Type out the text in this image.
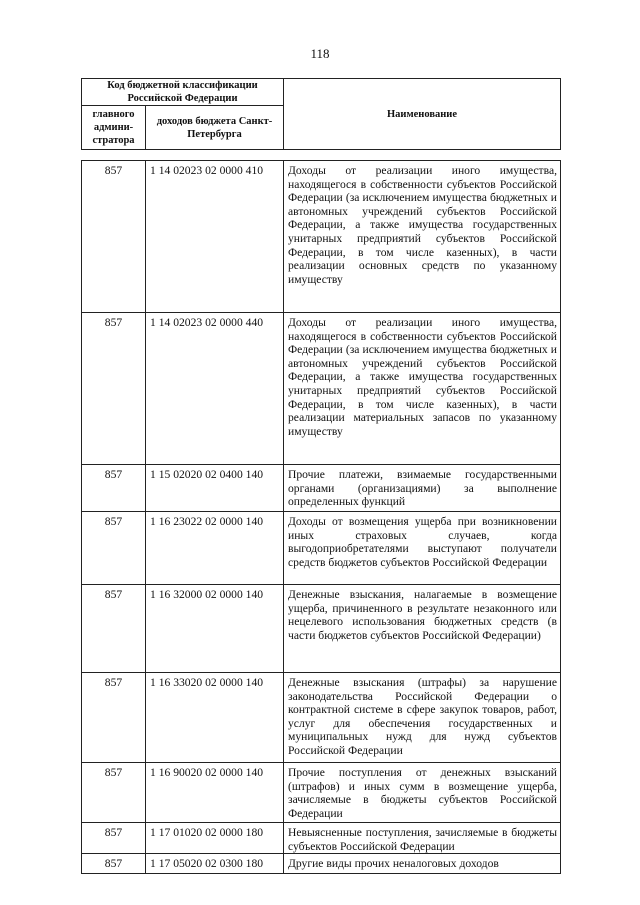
118
Код бюджетной классификации Российской Федерации		Наименование
главного админи-стратора	доходов бюджета Санкт-Петербурга	
857	1 14 02023 02 0000 410	Доходы от реализации иного имущества, находящегося в собственности субъектов Российской Федерации (за исключением имущества бюджетных и автономных учреждений субъектов Российской Федерации, а также имущества государственных унитарных предприятий субъектов Российской Федерации, в том числе казенных), в части реализации основных средств по указанному имуществу
857	1 14 02023 02 0000 440	Доходы от реализации иного имущества, находящегося в собственности субъектов Российской Федерации (за исключением имущества бюджетных и автономных учреждений субъектов Российской Федерации, а также имущества государственных унитарных предприятий субъектов Российской Федерации, в том числе казенных), в части реализации материальных запасов по указанному имуществу
857	1 15 02020 02 0400 140	Прочие платежи, взимаемые государственными органами (организациями) за выполнение определенных функций
857	1 16 23022 02 0000 140	Доходы от возмещения ущерба при возникновении иных страховых случаев, когда выгодоприобретателями выступают получатели средств бюджетов субъектов Российской Федерации
857	1 16 32000 02 0000 140	Денежные взыскания, налагаемые в возмещение ущерба, причиненного в результате незаконного или нецелевого использования бюджетных средств (в части бюджетов субъектов Российской Федерации)
857	1 16 33020 02 0000 140	Денежные взыскания (штрафы) за нарушение законодательства Российской Федерации о контрактной системе в сфере закупок товаров, работ, услуг для обеспечения государственных и муниципальных нужд для нужд субъектов Российской Федерации
857	1 16 90020 02 0000 140	Прочие поступления от денежных взысканий (штрафов) и иных сумм в возмещение ущерба, зачисляемые в бюджеты субъектов Российской Федерации
857	1 17 01020 02 0000 180	Невыясненные поступления, зачисляемые в бюджеты субъектов Российской Федерации
857	1 17 05020 02 0300 180	Другие виды прочих неналоговых доходов
